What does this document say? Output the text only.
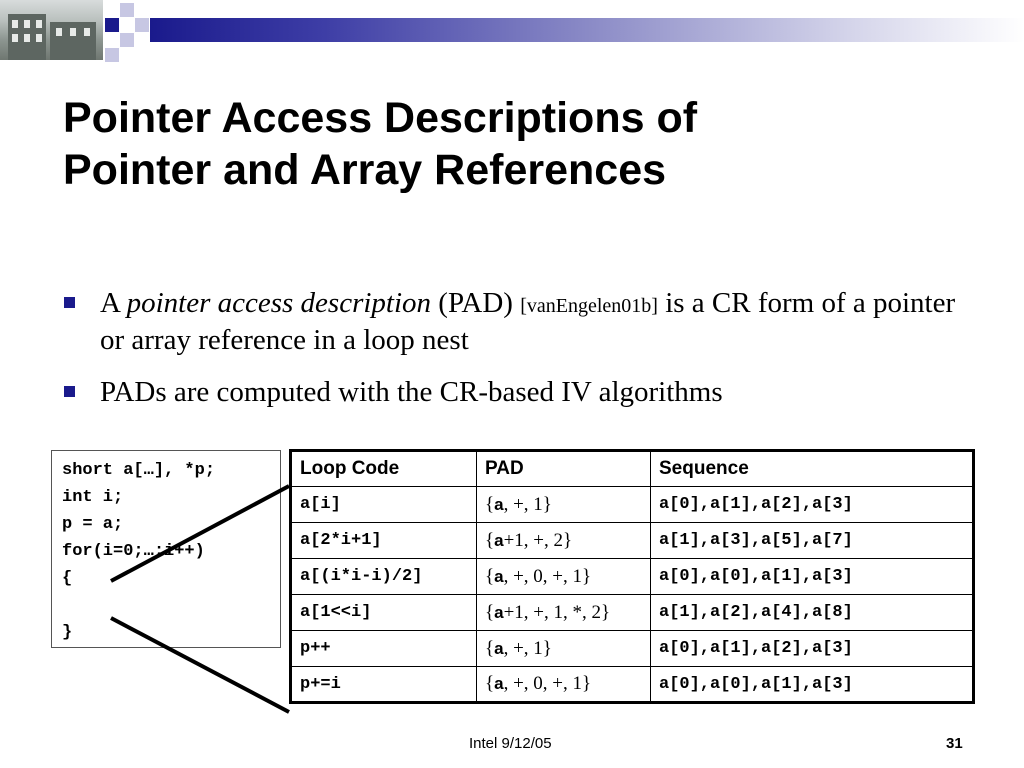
Pointer Access Descriptions of
Pointer and Array References
A pointer access description (PAD) [vanEngelen01b] is a CR form of a pointer or array reference in a loop nest
PADs are computed with the CR-based IV algorithms
short a[…], *p;
int i;
p = a;
for(i=0;…;i++)
{
}
Loop Code	PAD	Sequence
a[i]	{a, +, 1}	a[0],a[1],a[2],a[3]
a[2*i+1]	{a+1, +, 2}	a[1],a[3],a[5],a[7]
a[(i*i-i)/2]	{a, +, 0, +, 1}	a[0],a[0],a[1],a[3]
a[1<<i]	{a+1, +, 1, *, 2}	a[1],a[2],a[4],a[8]
p++	{a, +, 1}	a[0],a[1],a[2],a[3]
p+=i	{a, +, 0, +, 1}	a[0],a[0],a[1],a[3]
Intel 9/12/05	31
